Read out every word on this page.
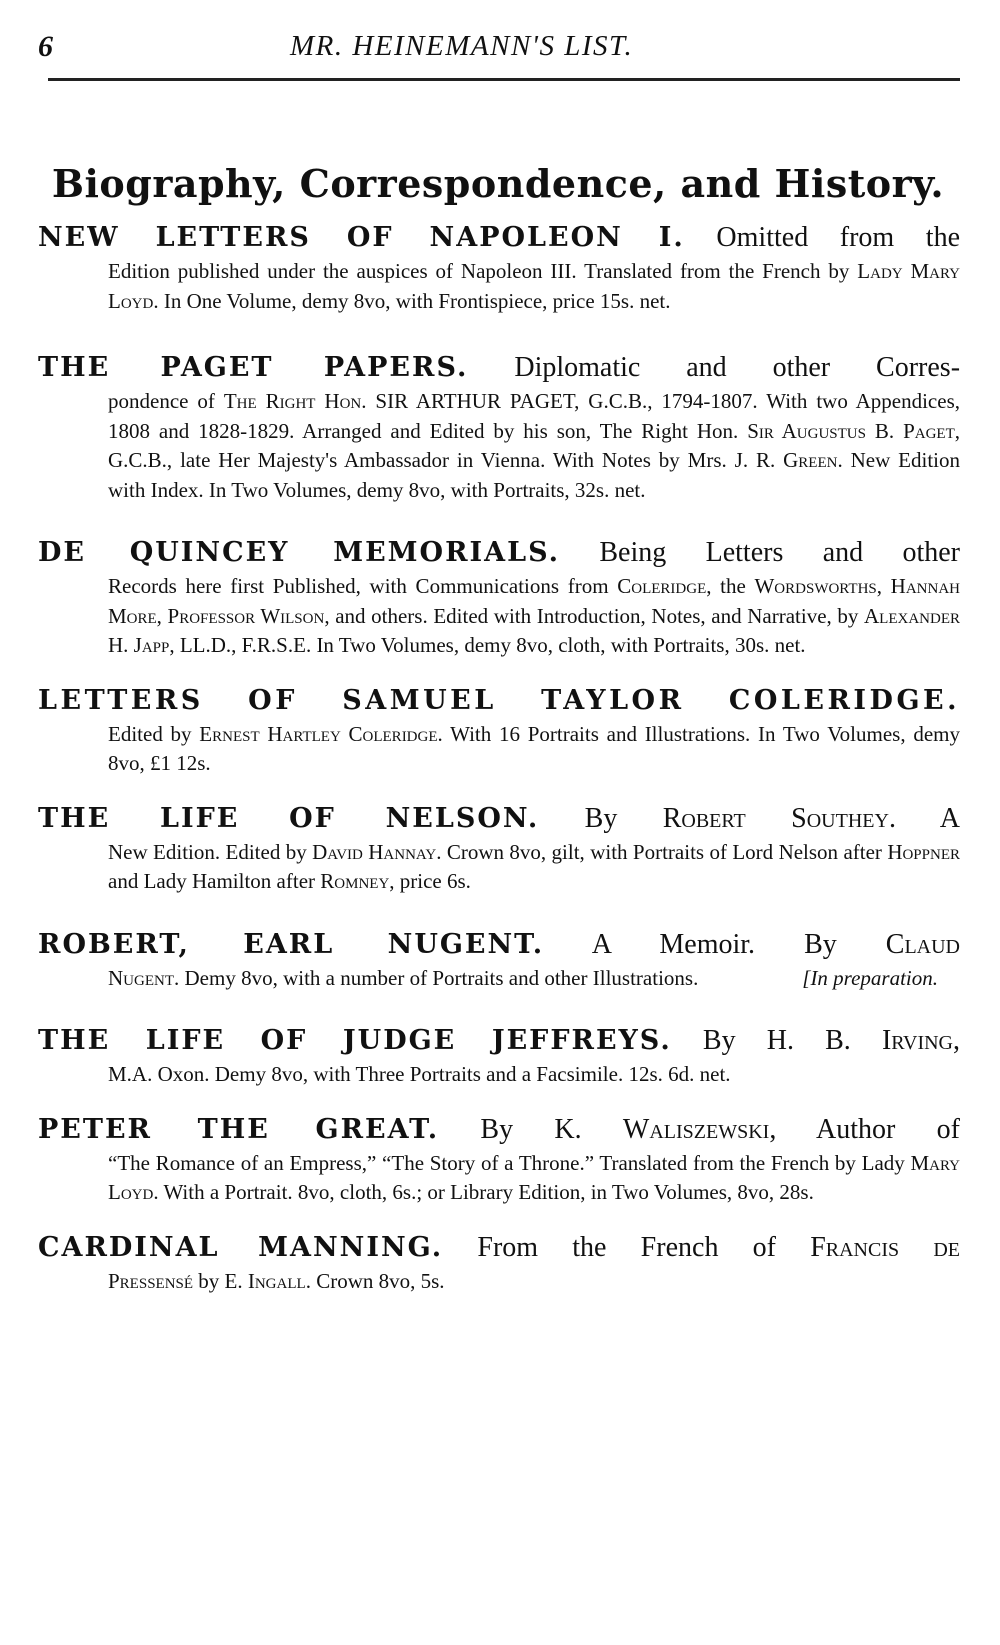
6	MR. HEINEMANN'S LIST.
Biography, Correspondence, and History.
NEW LETTERS OF NAPOLEON I. Omitted from the
Edition published under the auspices of Napoleon III. Translated from the French by Lady Mary Loyd. In One Volume, demy 8vo, with Frontispiece, price 15s. net.
THE PAGET PAPERS. Diplomatic and other Corres-
pondence of The Right Hon. SIR ARTHUR PAGET, G.C.B., 1794-1807. With two Appendices, 1808 and 1828-1829. Arranged and Edited by his son, The Right Hon. Sir Augustus B. Paget, G.C.B., late Her Majesty's Ambassador in Vienna. With Notes by Mrs. J. R. Green. New Edition with Index. In Two Volumes, demy 8vo, with Portraits, 32s. net.
DE QUINCEY MEMORIALS. Being Letters and other
Records here first Published, with Communications from Coleridge, the Wordsworths, Hannah More, Professor Wilson, and others. Edited with Introduction, Notes, and Narrative, by Alexander H. Japp, LL.D., F.R.S.E. In Two Volumes, demy 8vo, cloth, with Portraits, 30s. net.
LETTERS OF SAMUEL TAYLOR COLERIDGE.
Edited by Ernest Hartley Coleridge. With 16 Portraits and Illustrations. In Two Volumes, demy 8vo, £1 12s.
THE LIFE OF NELSON. By Robert Southey. A
New Edition. Edited by David Hannay. Crown 8vo, gilt, with Portraits of Lord Nelson after Hoppner and Lady Hamilton after Romney, price 6s.
ROBERT, EARL NUGENT. A Memoir. By Claud
Nugent. Demy 8vo, with a number of Portraits and other Illustrations.	[In preparation.
THE LIFE OF JUDGE JEFFREYS. By H. B. Irving,
M.A. Oxon. Demy 8vo, with Three Portraits and a Facsimile. 12s. 6d. net.
PETER THE GREAT. By K. Waliszewski, Author of
“The Romance of an Empress,” “The Story of a Throne.” Translated from the French by Lady Mary Loyd. With a Portrait. 8vo, cloth, 6s.; or Library Edition, in Two Volumes, 8vo, 28s.
CARDINAL MANNING. From the French of Francis de
Pressensé by E. Ingall. Crown 8vo, 5s.
